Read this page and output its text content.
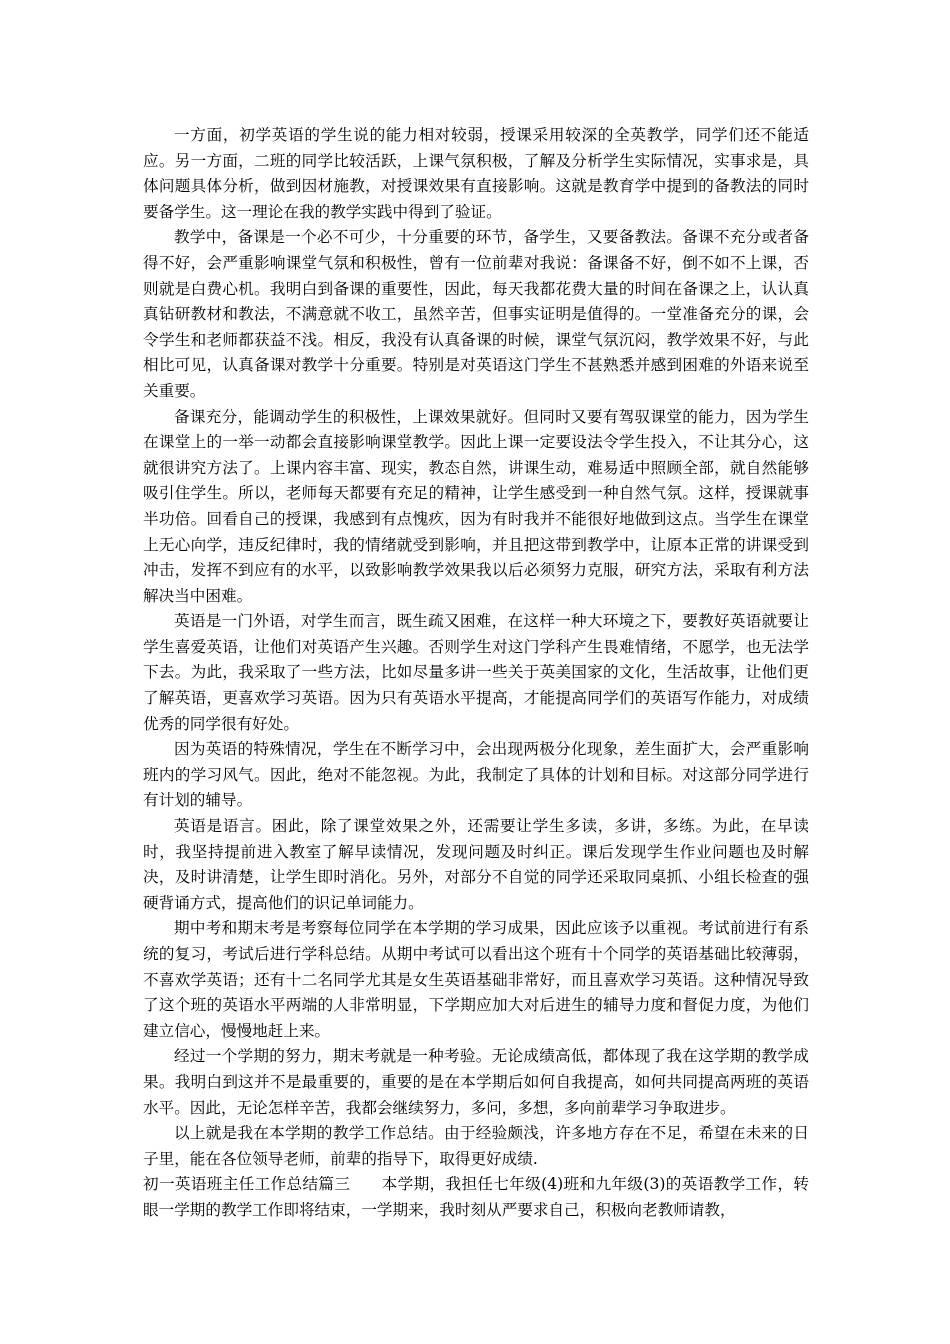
一方面，初学英语的学生说的能力相对较弱，授课采用较深的全英教学，同学们还不能适应。另一方面，二班的同学比较活跃，上课气氛积极，了解及分析学生实际情况，实事求是，具体问题具体分析，做到因材施教，对授课效果有直接影响。这就是教育学中提到的备教法的同时要备学生。这一理论在我的教学实践中得到了验证。

教学中，备课是一个必不可少，十分重要的环节，备学生，又要备教法。备课不充分或者备得不好，会严重影响课堂气氛和积极性，曾有一位前辈对我说：备课备不好，倒不如不上课，否则就是白费心机。我明白到备课的重要性，因此，每天我都花费大量的时间在备课之上，认认真真钻研教材和教法，不满意就不收工，虽然辛苦，但事实证明是值得的。一堂准备充分的课，会令学生和老师都获益不浅。相反，我没有认真备课的时候，课堂气氛沉闷，教学效果不好，与此相比可见，认真备课对教学十分重要。特别是对英语这门学生不甚熟悉并感到困难的外语来说至关重要。

备课充分，能调动学生的积极性，上课效果就好。但同时又要有驾驭课堂的能力，因为学生在课堂上的一举一动都会直接影响课堂教学。因此上课一定要设法令学生投入，不让其分心，这就很讲究方法了。上课内容丰富、现实，教态自然，讲课生动，难易适中照顾全部，就自然能够吸引住学生。所以，老师每天都要有充足的精神，让学生感受到一种自然气氛。这样，授课就事半功倍。回看自己的授课，我感到有点愧疚，因为有时我并不能很好地做到这点。当学生在课堂上无心向学，违反纪律时，我的情绪就受到影响，并且把这带到教学中，让原本正常的讲课受到冲击，发挥不到应有的水平，以致影响教学效果我以后必须努力克服，研究方法，采取有利方法解决当中困难。

英语是一门外语，对学生而言，既生疏又困难，在这样一种大环境之下，要教好英语就要让学生喜爱英语，让他们对英语产生兴趣。否则学生对这门学科产生畏难情绪，不愿学，也无法学下去。为此，我采取了一些方法，比如尽量多讲一些关于英美国家的文化，生活故事，让他们更了解英语，更喜欢学习英语。因为只有英语水平提高，才能提高同学们的英语写作能力，对成绩优秀的同学很有好处。

因为英语的特殊情况，学生在不断学习中，会出现两极分化现象，差生面扩大，会严重影响班内的学习风气。因此，绝对不能忽视。为此，我制定了具体的计划和目标。对这部分同学进行有计划的辅导。

英语是语言。困此，除了课堂效果之外，还需要让学生多读，多讲，多练。为此，在早读时，我坚持提前进入教室了解早读情况，发现问题及时纠正。课后发现学生作业问题也及时解决，及时讲清楚，让学生即时消化。另外，对部分不自觉的同学还采取同桌抓、小组长检查的强硬背诵方式，提高他们的识记单词能力。

期中考和期末考是考察每位同学在本学期的学习成果，因此应该予以重视。考试前进行有系统的复习，考试后进行学科总结。从期中考试可以看出这个班有十个同学的英语基础比较薄弱，不喜欢学英语；还有十二名同学尤其是女生英语基础非常好，而且喜欢学习英语。这种情况导致了这个班的英语水平两端的人非常明显，下学期应加大对后进生的辅导力度和督促力度，为他们建立信心，慢慢地赶上来。

经过一个学期的努力，期末考就是一种考验。无论成绩高低，都体现了我在这学期的教学成果。我明白到这并不是最重要的，重要的是在本学期后如何自我提高，如何共同提高两班的英语水平。因此，无论怎样辛苦，我都会继续努力，多问，多想，多向前辈学习争取进步。

以上就是我在本学期的教学工作总结。由于经验颇浅，许多地方存在不足，希望在未来的日子里，能在各位领导老师，前辈的指导下，取得更好成绩.

初一英语班主任工作总结篇三 本学期，我担任七年级(4)班和九年级(3)的英语教学工作，转眼一学期的教学工作即将结束，一学期来，我时刻从严要求自己，积极向老教师请教，
